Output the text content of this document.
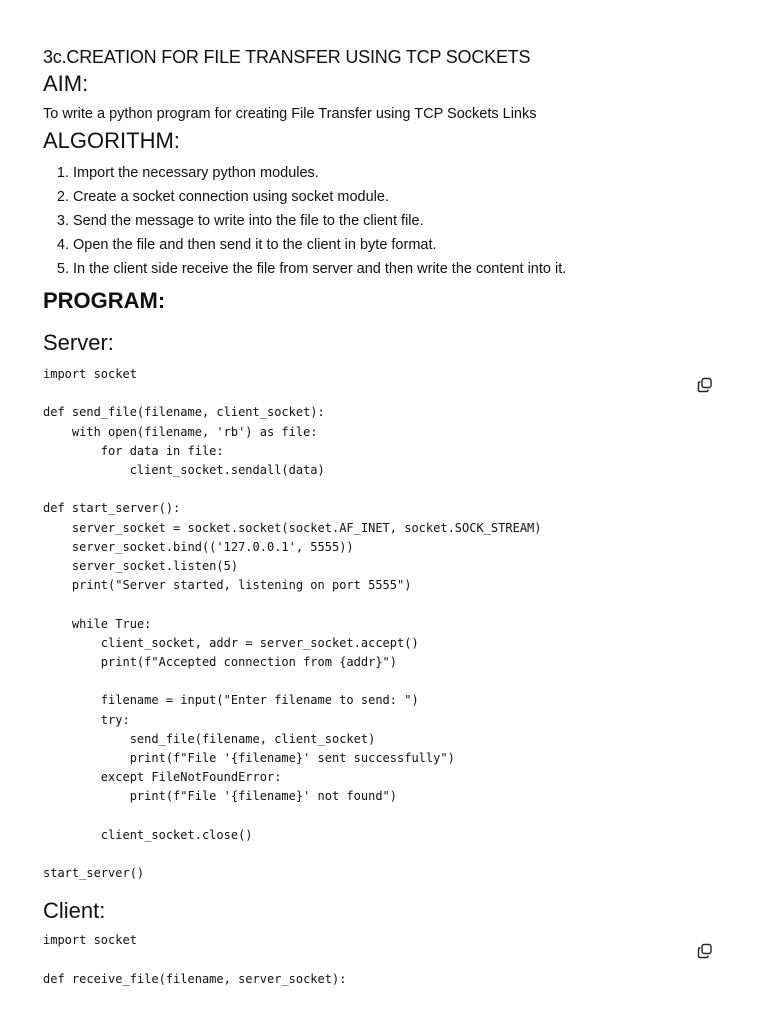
3c.CREATION FOR FILE TRANSFER USING TCP SOCKETS
AIM:

To write a python program for creating File Transfer using TCP Sockets Links

ALGORITHM:
1. Import the necessary python modules.
2. Create a socket connection using socket module.
3. Send the message to write into the file to the client file.
4. Open the file and then send it to the client in byte format.
5. In the client side receive the file from server and then write the content into it.
PROGRAM:
Server:
import socket

def send_file(filename, client_socket):
with open(filename, 'rb') as file:
for data in file:
client_socket.sendall(data)

def start_server():
server_socket = socket.socket(socket.AF_INET, socket.SOCK_STREAM)
server_socket.bind(('127.0.0.1', 5555))
server_socket.listen(5)
print("Server started, listening on port 5555")

while True:
client_socket, addr = server_socket.accept()
print(f"Accepted connection from {addr}")

filename = input("Enter filename to send: ")
try:
send_file(filename, client_socket)
print(f"File '{filename}' sent successfully")
except FileNotFoundError:
print(f"File '{filename}' not found")

client_socket.close()

start_server()
Client:
import socket

def receive_file(filename, server_socket):
